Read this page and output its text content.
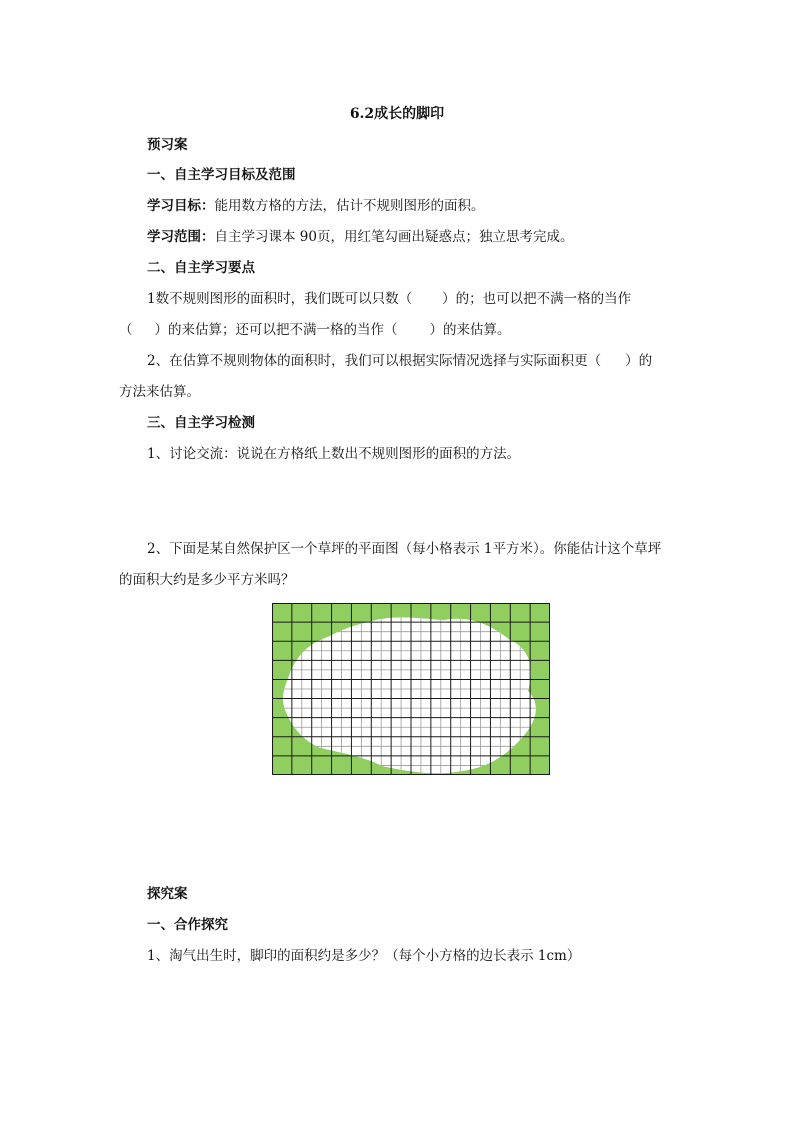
6.2成长的脚印
预习案
一、自主学习目标及范围
学习目标：能用数方格的方法，估计不规则图形的面积。
学习范围：自主学习课本 90页，用红笔勾画出疑惑点；独立思考完成。
二、自主学习要点
1数不规则图形的面积时，我们既可以只数（ ）的；也可以把不满一格的当作
（ ）的来估算；还可以把不满一格的当作（ ）的来估算。
2、在估算不规则物体的面积时，我们可以根据实际情况选择与实际面积更（ ）的
方法来估算。
三、自主学习检测
1、讨论交流：说说在方格纸上数出不规则图形的面积的方法。
2、下面是某自然保护区一个草坪的平面图（每小格表示 1平方米）。你能估计这个草坪
的面积大约是多少平方米吗？
探究案
一、合作探究
1、淘气出生时，脚印的面积约是多少？（每个小方格的边长表示 1cm）
